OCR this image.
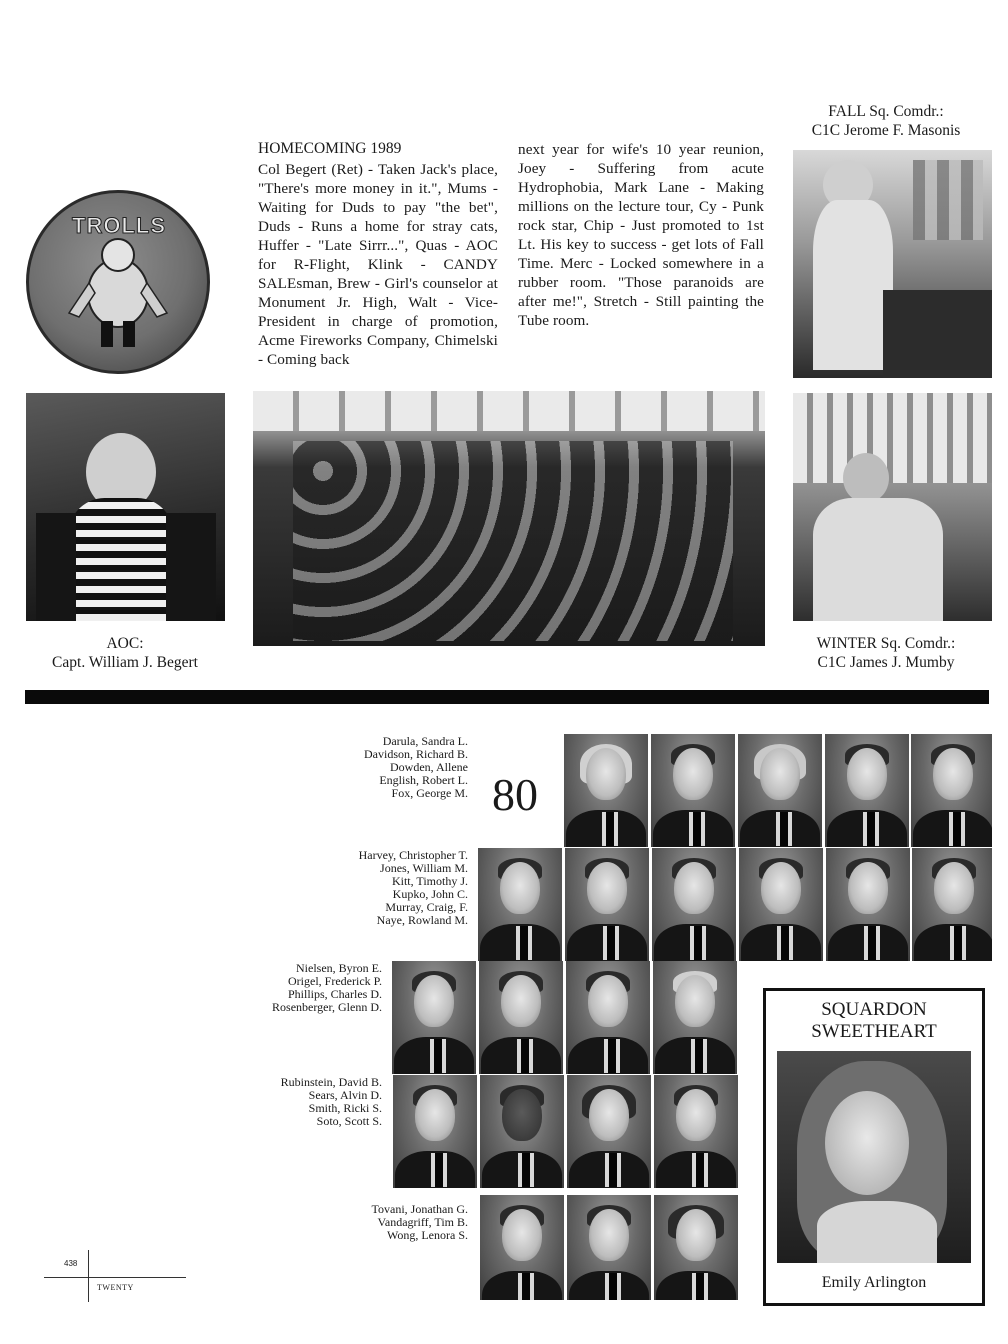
TROLLS
HOMECOMING 1989
Col Begert (Ret) - Taken Jack's place, "There's more money in it.", Mums - Waiting for Duds to pay "the bet", Duds - Runs a home for stray cats, Huffer - "Late Sirrr...", Quas - AOC for R-Flight, Klink - CANDY SALEsman, Brew - Girl's counselor at Monument Jr. High, Walt - Vice-President in charge of promotion, Acme Fireworks Company, Chimelski - Coming back
next year for wife's 10 year reunion, Joey - Suffering from acute Hydrophobia, Mark Lane - Making millions on the lecture tour, Cy - Punk rock star, Chip - Just promoted to 1st Lt. His key to success - get lots of Fall Time. Merc - Locked somewhere in a rubber room. "Those paranoids are after me!", Stretch - Still painting the Tube room.
FALL Sq. Comdr.:
C1C Jerome F. Masonis
AOC:
Capt. William J. Begert
WINTER Sq. Comdr.:
C1C James J. Mumby
Darula, Sandra L.
Davidson, Richard B.
Dowden, Allene
English, Robert L.
Fox, George M. 80
Harvey, Christopher T.
Jones, William M.
Kitt, Timothy J.
Kupko, John C.
Murray, Craig, F.
Naye, Rowland M.
Nielsen, Byron E.
Origel, Frederick P.
Phillips, Charles D.
Rosenberger, Glenn D.
Rubinstein, David B.
Sears, Alvin D.
Smith, Ricki S.
Soto, Scott S.
Tovani, Jonathan G.
Vandagriff, Tim B.
Wong, Lenora S.
SQUARDON
SWEETHEART
Emily Arlington
438
TWENTY
